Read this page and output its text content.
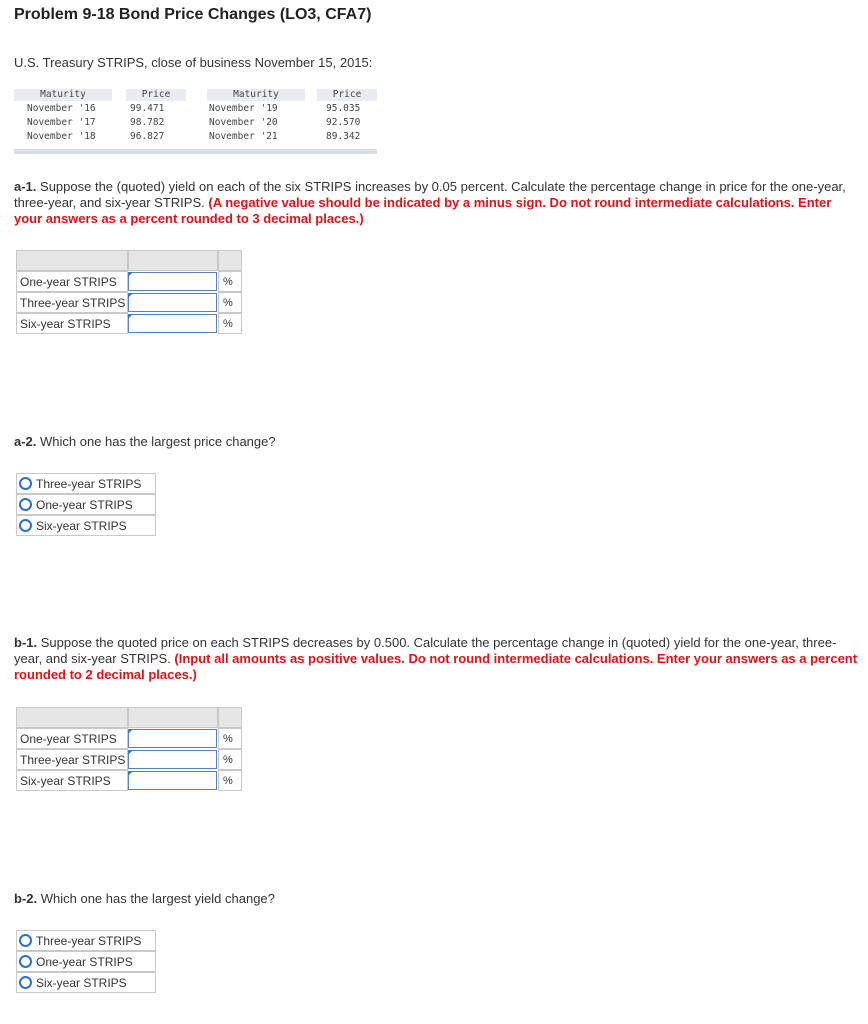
Problem 9-18 Bond Price Changes (LO3, CFA7)
U.S. Treasury STRIPS, close of business November 15, 2015:
Maturity	Price	Maturity	Price
November '16	99.471	November '19	95.035
November '17	98.782	November '20	92.570
November '18	96.827	November '21	89.342
a-1. Suppose the (quoted) yield on each of the six STRIPS increases by 0.05 percent. Calculate the percentage change in price for the one-year, three-year, and six-year STRIPS. (A negative value should be indicated by a minus sign. Do not round intermediate calculations. Enter your answers as a percent rounded to 3 decimal places.)
One-year STRIPS	%
Three-year STRIPS	%
Six-year STRIPS	%
a-2. Which one has the largest price change?
Three-year STRIPS
One-year STRIPS
Six-year STRIPS
b-1. Suppose the quoted price on each STRIPS decreases by 0.500. Calculate the percentage change in (quoted) yield for the one-year, three-year, and six-year STRIPS. (Input all amounts as positive values. Do not round intermediate calculations. Enter your answers as a percent rounded to 2 decimal places.)
One-year STRIPS	%
Three-year STRIPS	%
Six-year STRIPS	%
b-2. Which one has the largest yield change?
Three-year STRIPS
One-year STRIPS
Six-year STRIPS
